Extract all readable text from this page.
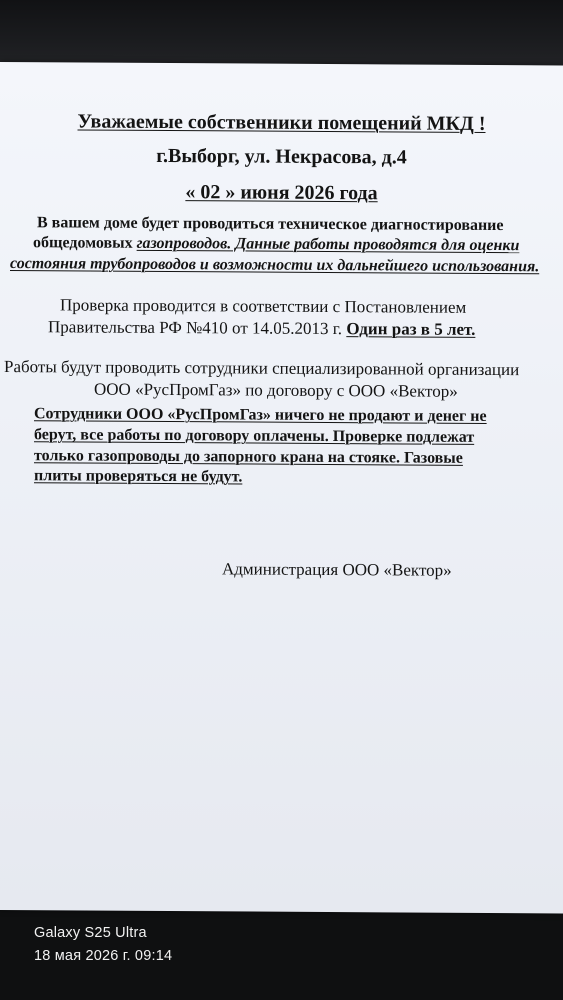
Уважаемые собственники помещений МКД !
г.Выборг, ул. Некрасова, д.4
« 02 » июня 2026 года
В вашем доме будет проводиться техническое диагностирование
общедомовых газопроводов. Данные работы проводятся для оценки
состояния трубопроводов и возможности их дальнейшего использования.
Проверка проводится в соответствии с Постановлением
Правительства РФ №410 от 14.05.2013 г. Один раз в 5 лет.
Работы будут проводить сотрудники специализированной организации
ООО «РусПромГаз» по договору с ООО «Вектор»
Сотрудники ООО «РусПромГаз» ничего не продают и денег не
берут, все работы по договору оплачены. Проверке подлежат
только газопроводы до запорного крана на стояке. Газовые
плиты проверяться не будут.
Администрация ООО «Вектор»
Galaxy S25 Ultra
18 мая 2026 г. 09:14
